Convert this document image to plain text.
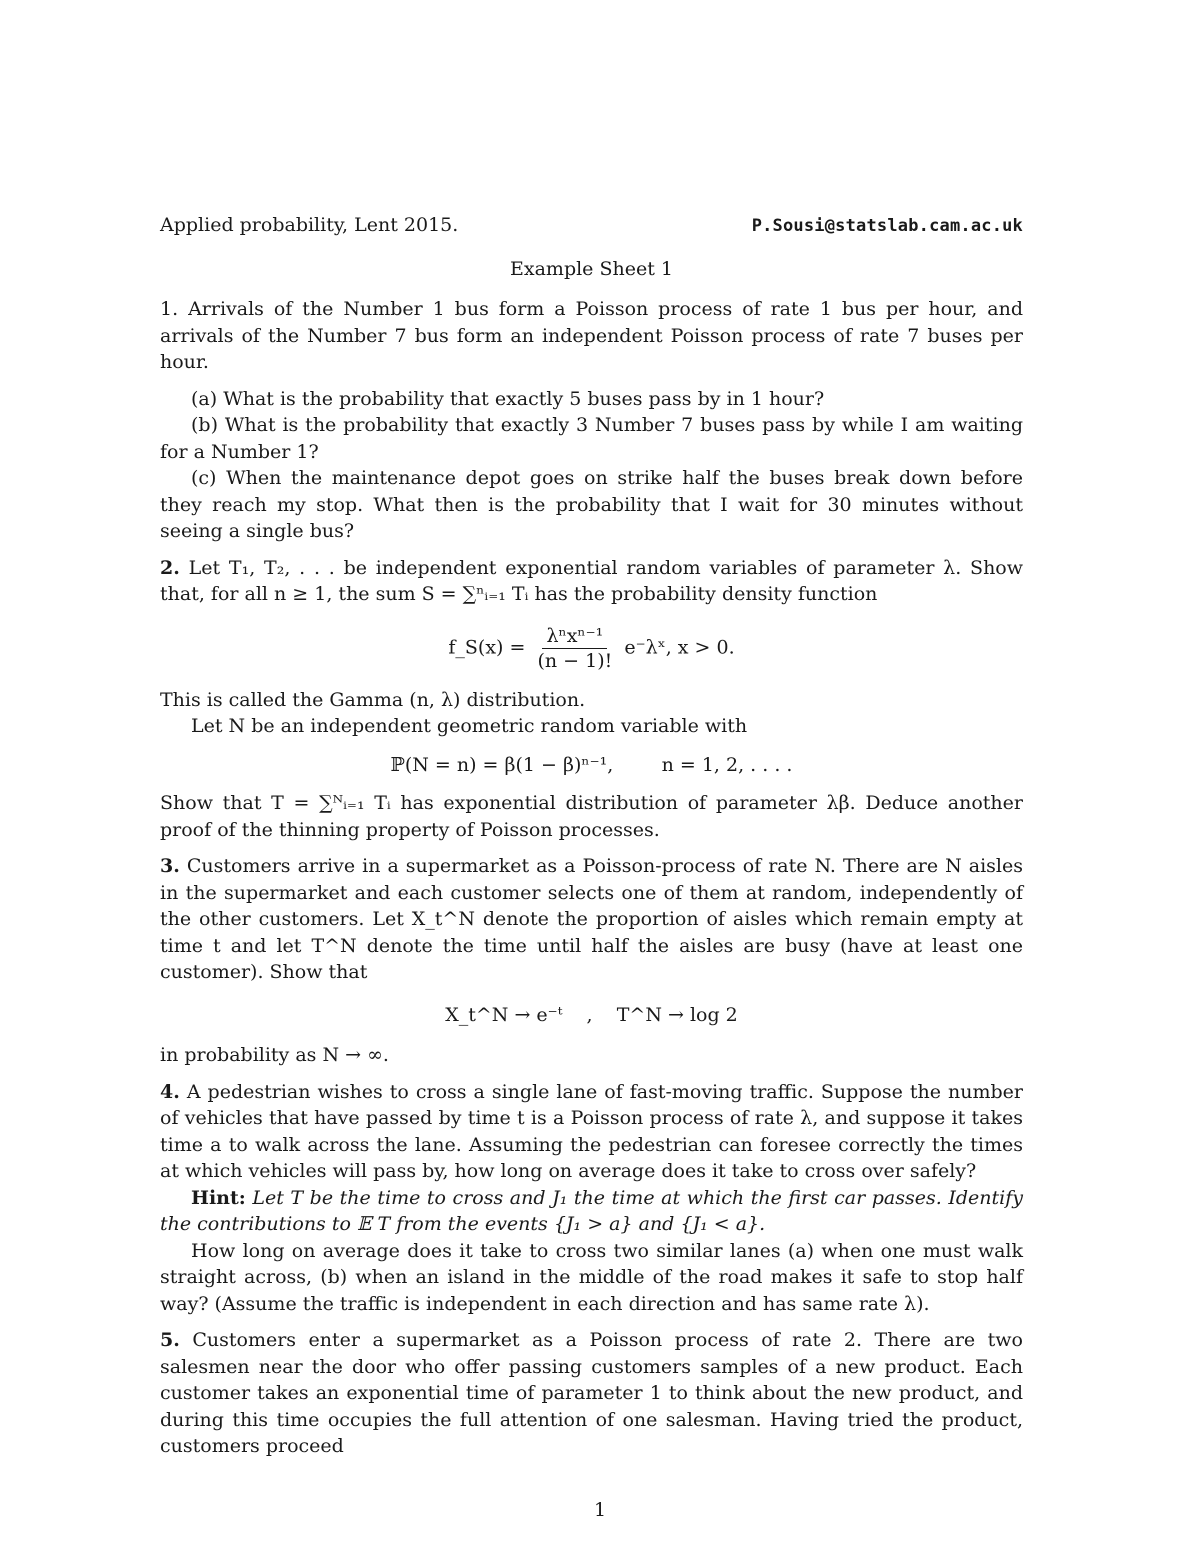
Applied probability, Lent 2015.	P.Sousi@statslab.cam.ac.uk
Example Sheet 1

1. Arrivals of the Number 1 bus form a Poisson process of rate 1 bus per hour, and arrivals of the Number 7 bus form an independent Poisson process of rate 7 buses per hour.

(a) What is the probability that exactly 5 buses pass by in 1 hour?

(b) What is the probability that exactly 3 Number 7 buses pass by while I am waiting for a Number 1?

(c) When the maintenance depot goes on strike half the buses break down before they reach my stop. What then is the probability that I wait for 30 minutes without seeing a single bus?

2. Let T₁, T₂, . . . be independent exponential random variables of parameter λ. Show that, for all n ≥ 1, the sum S = ∑ⁿᵢ₌₁ Tᵢ has the probability density function

f_S(x) = $\frac{\text{λⁿxⁿ⁻¹}}{(n - 1)!}$ e⁻λˣ, x > 0.

This is called the Gamma (n, λ) distribution.

Let N be an independent geometric random variable with

ℙ(N = n) = β(1 − β)ⁿ⁻¹,        n = 1, 2, . . . .

Show that T = ∑ᴺᵢ₌₁ Tᵢ has exponential distribution of parameter λβ. Deduce another proof of the thinning property of Poisson processes.

3. Customers arrive in a supermarket as a Poisson-process of rate N. There are N aisles in the supermarket and each customer selects one of them at random, independently of the other customers. Let X_t^N denote the proportion of aisles which remain empty at time t and let T^N denote the time until half the aisles are busy (have at least one customer). Show that

X_t^N → e⁻ᵗ    ,    T^N → log 2

in probability as N → ∞.

4. A pedestrian wishes to cross a single lane of fast-moving traffic. Suppose the number of vehicles that have passed by time t is a Poisson process of rate λ, and suppose it takes time a to walk across the lane. Assuming the pedestrian can foresee correctly the times at which vehicles will pass by, how long on average does it take to cross over safely?

Hint: Let T be the time to cross and J₁ the time at which the first car passes. Identify the contributions to 𝔼 T from the events {J₁ > a} and {J₁ < a}.

How long on average does it take to cross two similar lanes (a) when one must walk straight across, (b) when an island in the middle of the road makes it safe to stop half way? (Assume the traffic is independent in each direction and has same rate λ).

5. Customers enter a supermarket as a Poisson process of rate 2. There are two salesmen near the door who offer passing customers samples of a new product. Each customer takes an exponential time of parameter 1 to think about the new product, and during this time occupies the full attention of one salesman. Having tried the product, customers proceed

1
